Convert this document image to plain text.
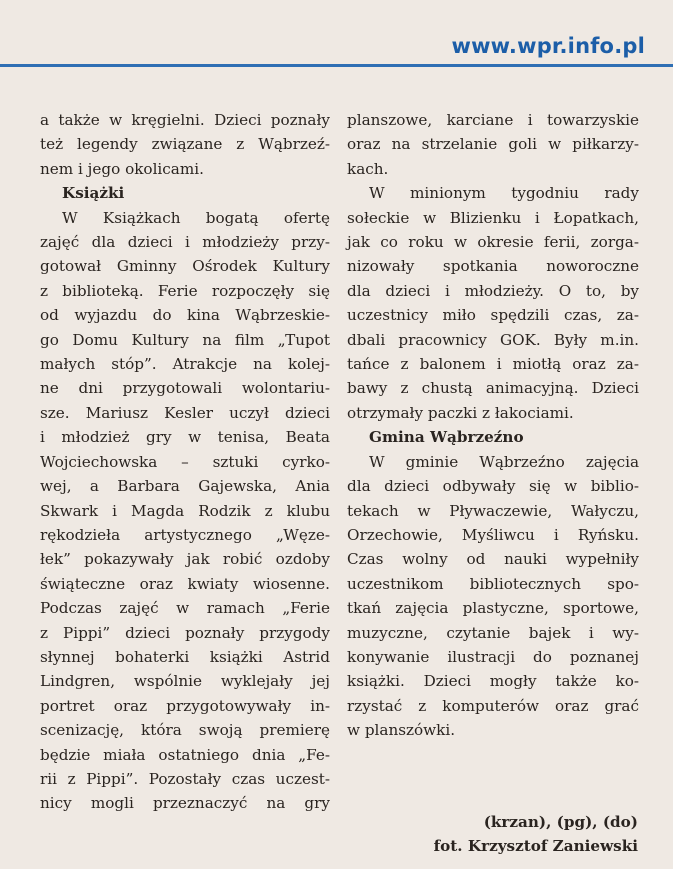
www.wpr.info.pl
a także w kręgielni. Dzieci poznały
też legendy związane z Wąbrzeź-
nem i jego okolicami.
Książki
W Książkach bogatą ofertę
zajęć dla dzieci i młodzieży przy-
gotował Gminny Ośrodek Kultury
z biblioteką. Ferie rozpoczęły się
od wyjazdu do kina Wąbrzeskie-
go Domu Kultury na film „Tupot
małych stóp”. Atrakcje na kolej-
ne dni przygotowali wolontariu-
sze. Mariusz Kesler uczył dzieci
i młodzież gry w tenisa, Beata
Wojciechowska – sztuki cyrko-
wej, a Barbara Gajewska, Ania
Skwark i Magda Rodzik z klubu
rękodzieła artystycznego „Węze-
łek” pokazywały jak robić ozdoby
świąteczne oraz kwiaty wiosenne.
Podczas zajęć w ramach „Ferie
z Pippi” dzieci poznały przygody
słynnej bohaterki książki Astrid
Lindgren, wspólnie wyklejały jej
portret oraz przygotowywały in-
scenizację, która swoją premierę
będzie miała ostatniego dnia „Fe-
rii z Pippi”. Pozostały czas uczest-
nicy mogli przeznaczyć na gry
planszowe, karciane i towarzyskie
oraz na strzelanie goli w piłkarzy-
kach.
W minionym tygodniu rady
sołeckie w Blizienku i Łopatkach,
jak co roku w okresie ferii, zorga-
nizowały spotkania noworoczne
dla dzieci i młodzieży. O to, by
uczestnicy miło spędzili czas, za-
dbali pracownicy GOK. Były m.in.
tańce z balonem i miotłą oraz za-
bawy z chustą animacyjną. Dzieci
otrzymały paczki z łakociami.
Gmina Wąbrzeźno
W gminie Wąbrzeźno zajęcia
dla dzieci odbywały się w biblio-
tekach w Pływaczewie, Wałyczu,
Orzechowie, Myśliwcu i Ryńsku.
Czas wolny od nauki wypełniły
uczestnikom bibliotecznych spo-
tkań zajęcia plastyczne, sportowe,
muzyczne, czytanie bajek i wy-
konywanie ilustracji do poznanej
książki. Dzieci mogły także ko-
rzystać z komputerów oraz grać
w planszówki.
(krzan), (pg), (do)
fot. Krzysztof Zaniewski
